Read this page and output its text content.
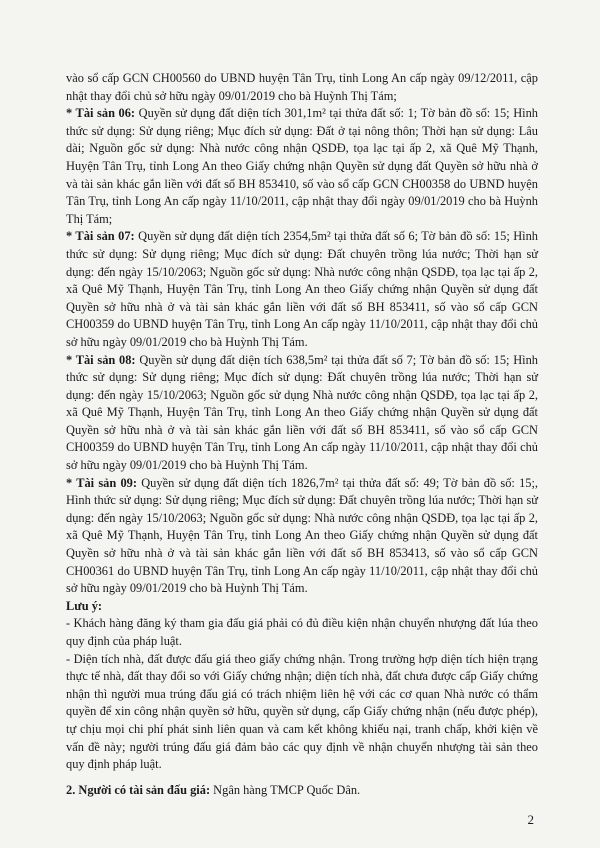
vào sổ cấp GCN CH00560 do UBND huyện Tân Trụ, tỉnh Long An cấp ngày 09/12/2011, cập nhật thay đổi chủ sở hữu ngày 09/01/2019 cho bà Huỳnh Thị Tám;

* Tài sản 06: Quyền sử dụng đất diện tích 301,1m² tại thửa đất số: 1; Tờ bản đồ số: 15; Hình thức sử dụng: Sử dụng riêng; Mục đích sử dụng: Đất ở tại nông thôn; Thời hạn sử dụng: Lâu dài; Nguồn gốc sử dụng: Nhà nước công nhận QSDĐ, tọa lạc tại ấp 2, xã Quê Mỹ Thạnh, Huyện Tân Trụ, tỉnh Long An theo Giấy chứng nhận Quyền sử dụng đất Quyền sở hữu nhà ở và tài sản khác gắn liền với đất số BH 853410, số vào sổ cấp GCN CH00358 do UBND huyện Tân Trụ, tỉnh Long An cấp ngày 11/10/2011, cập nhật thay đổi ngày 09/01/2019 cho bà Huỳnh Thị Tám;

* Tài sản 07: Quyền sử dụng đất diện tích 2354,5m² tại thửa đất số 6; Tờ bản đồ số: 15; Hình thức sử dụng: Sử dụng riêng; Mục đích sử dụng: Đất chuyên trồng lúa nước; Thời hạn sử dụng: đến ngày 15/10/2063; Nguồn gốc sử dụng: Nhà nước công nhận QSDĐ, tọa lạc tại ấp 2, xã Quê Mỹ Thạnh, Huyện Tân Trụ, tỉnh Long An theo Giấy chứng nhận Quyền sử dụng đất Quyền sở hữu nhà ở và tài sản khác gắn liền với đất số BH 853411, số vào sổ cấp GCN CH00359 do UBND huyện Tân Trụ, tỉnh Long An cấp ngày 11/10/2011, cập nhật thay đổi chủ sở hữu ngày 09/01/2019 cho bà Huỳnh Thị Tám.

* Tài sản 08: Quyền sử dụng đất diện tích 638,5m² tại thửa đất số 7; Tờ bản đồ số: 15; Hình thức sử dụng: Sử dụng riêng; Mục đích sử dụng: Đất chuyên trồng lúa nước; Thời hạn sử dụng: đến ngày 15/10/2063; Nguồn gốc sử dụng Nhà nước công nhận QSDĐ, tọa lạc tại ấp 2, xã Quê Mỹ Thạnh, Huyện Tân Trụ, tỉnh Long An theo Giấy chứng nhận Quyền sử dụng đất Quyền sở hữu nhà ở và tài sản khác gắn liền với đất số BH 853411, số vào sổ cấp GCN CH00359 do UBND huyện Tân Trụ, tỉnh Long An cấp ngày 11/10/2011, cập nhật thay đổi chủ sở hữu ngày 09/01/2019 cho bà Huỳnh Thị Tám.

* Tài sản 09: Quyền sử dụng đất diện tích 1826,7m² tại thửa đất số: 49; Tờ bản đồ số: 15;, Hình thức sử dụng: Sử dụng riêng; Mục đích sử dụng: Đất chuyên trồng lúa nước; Thời hạn sử dụng: đến ngày 15/10/2063; Nguồn gốc sử dụng: Nhà nước công nhận QSDĐ, tọa lạc tại ấp 2, xã Quê Mỹ Thạnh, Huyện Tân Trụ, tỉnh Long An theo Giấy chứng nhận Quyền sử dụng đất Quyền sở hữu nhà ở và tài sản khác gắn liền với đất số BH 853413, số vào sổ cấp GCN CH00361 do UBND huyện Tân Trụ, tỉnh Long An cấp ngày 11/10/2011, cập nhật thay đổi chủ sở hữu ngày 09/01/2019 cho bà Huỳnh Thị Tám.

Lưu ý:

- Khách hàng đăng ký tham gia đấu giá phải có đủ điều kiện nhận chuyển nhượng đất lúa theo quy định của pháp luật.

- Diện tích nhà, đất được đấu giá theo giấy chứng nhận. Trong trường hợp diện tích hiện trạng thực tế nhà, đất thay đổi so với Giấy chứng nhận; diện tích nhà, đất chưa được cấp Giấy chứng nhận thì người mua trúng đấu giá có trách nhiệm liên hệ với các cơ quan Nhà nước có thẩm quyền để xin công nhận quyền sở hữu, quyền sử dụng, cấp Giấy chứng nhận (nếu được phép), tự chịu mọi chi phí phát sinh liên quan và cam kết không khiếu nại, tranh chấp, khởi kiện về vấn đề này; người trúng đấu giá đảm bảo các quy định về nhận chuyển nhượng tài sản theo quy định pháp luật.

2. Người có tài sản đấu giá: Ngân hàng TMCP Quốc Dân.

2
